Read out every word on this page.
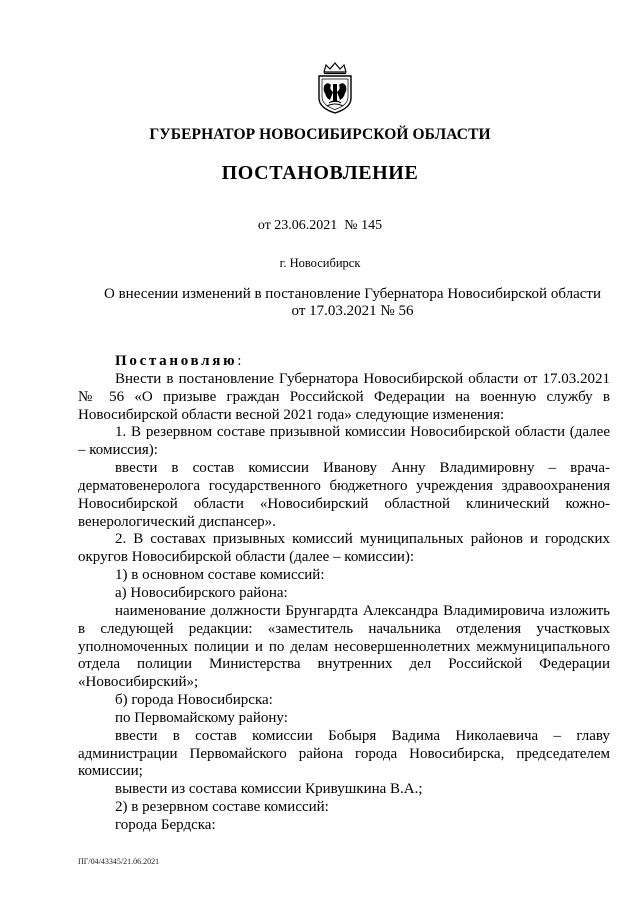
ГУБЕРНАТОР НОВОСИБИРСКОЙ ОБЛАСТИ
ПОСТАНОВЛЕНИЕ
от 23.06.2021  № 145
г. Новосибирск
О внесении изменений в постановление Губернатора Новосибирской области
от 17.03.2021 № 56

Постановляю:

Внести в постановление Губернатора Новосибирской области от 17.03.2021 № 56 «О призыве граждан Российской Федерации на военную службу в Новосибирской области весной 2021 года» следующие изменения:

1. В резервном составе призывной комиссии Новосибирской области (далее – комиссия):

ввести в состав комиссии Иванову Анну Владимировну – врача-дерматовенеролога государственного бюджетного учреждения здравоохранения Новосибирской области «Новосибирский областной клинический кожно-венерологический диспансер».

2. В составах призывных комиссий муниципальных районов и городских округов Новосибирской области (далее – комиссии):

1) в основном составе комиссий:

а) Новосибирского района:

наименование должности Брунгардта Александра Владимировича изложить в следующей редакции: «заместитель начальника отделения участковых уполномоченных полиции и по делам несовершеннолетних межмуниципального отдела полиции Министерства внутренних дел Российской Федерации «Новосибирский»;

б) города Новосибирска:

по Первомайскому району:

ввести в состав комиссии Бобыря Вадима Николаевича – главу администрации Первомайского района города Новосибирска, председателем комиссии;

вывести из состава комиссии Кривушкина В.А.;

2) в резервном составе комиссий:

города Бердска:

ПГ/04/43345/21.06.2021
